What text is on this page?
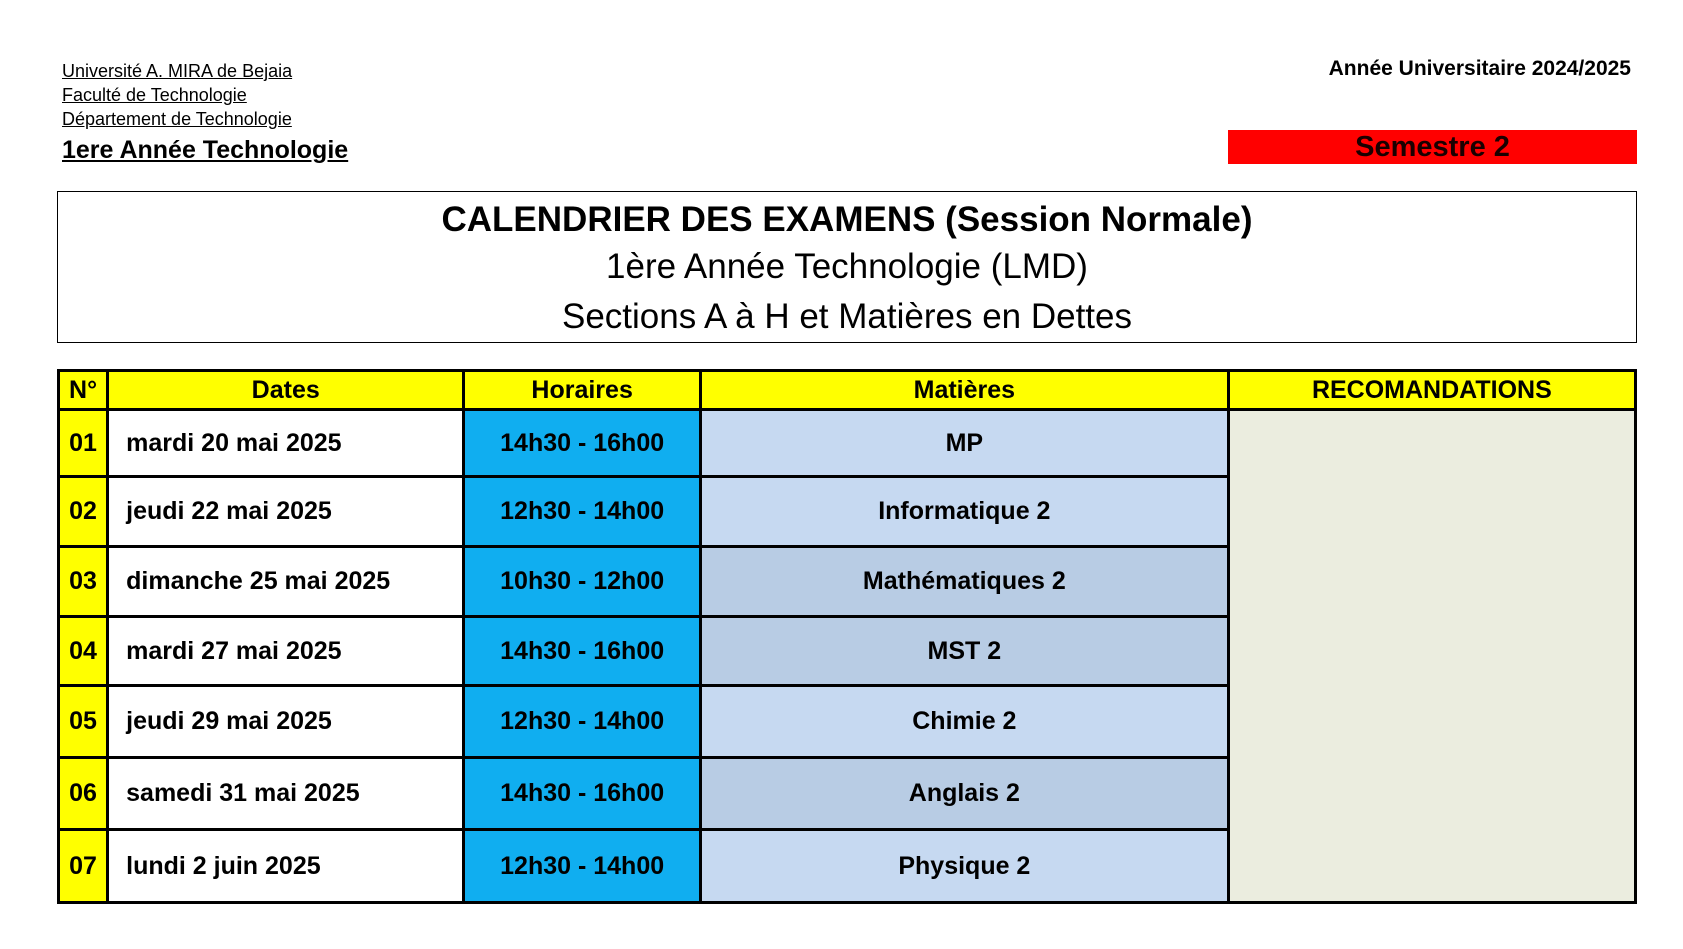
Université A. MIRA de Bejaia
Faculté de Technologie
Département de Technologie
1ere Année Technologie
Année Universitaire 2024/2025
Semestre 2
CALENDRIER DES EXAMENS (Session Normale)
1ère Année Technologie (LMD)
Sections A à H et Matières en Dettes
N°	Dates	Horaires	Matières	RECOMANDATIONS
01	mardi 20 mai 2025	14h30 - 16h00	MP	
02	jeudi 22 mai 2025	12h30 - 14h00	Informatique 2	
03	dimanche 25 mai 2025	10h30 - 12h00	Mathématiques 2	
04	mardi 27 mai 2025	14h30 - 16h00	MST 2	
05	jeudi 29 mai 2025	12h30 - 14h00	Chimie 2	
06	samedi 31 mai 2025	14h30 - 16h00	Anglais 2	
07	lundi 2 juin 2025	12h30 - 14h00	Physique 2	
